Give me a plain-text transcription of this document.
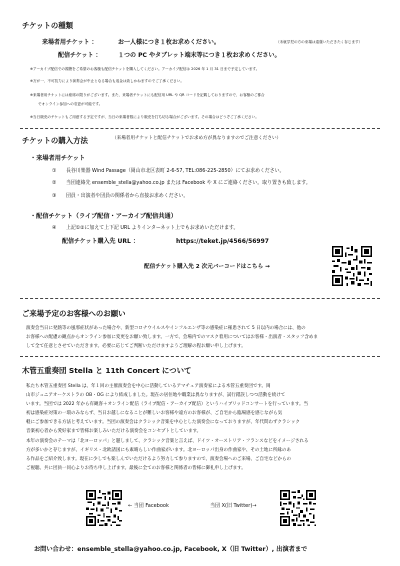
チケットの種類
来場者用チケット ：	お一人様につき１枚お求めください。	（未就学児の方の来場は遠慮いただきたく存じます）
配信チケット ：	１つの PC やタブレット端末等につき１枚お求めください。
※アーカイブ配信での視聴をご希望のお客様も配信チケットを購入してください。アーカイブ配信は 2026 年 1 月 31 日まで予定しています。
※万が一、不可抗力により演奏会が中止となる場合も返金は致しかねますのでご了承ください。
※来場者用チケットには座席の限りがございます。また、来場者チケットにも配信用 URL や QR コードを記載しておりますので、お客様のご都合
でオンライン参加への変更が可能です。
※当日販売のチケットもご用意する予定ですが、当日の来場者数により販売を打ち切る場合がございます。その場合はどうぞご了承ください。
チケットの購入方法	（来場者用チケットと配信チケットでお求め方が異なりますのでご注意ください）
・来場者用チケット
① 長谷川楽器 Wind Passage（岡山市北区表町 2-6-57, TEL:086-225-2850）にてお求めください。
② 当団連絡先 ensemble_stella@yahoo.co.jp または Facebook や X にご連絡ください。取り置きも致します。
③ 団員・出演者や団員の関係者から直接お求めください。
・配信チケット（ライブ配信・アーカイブ配信共通）
④ 上記①②に加えて上下記 URL よりインターネット上でもお求めいただけます。
配信チケット購入先 URL ：	https://teket.jp/4566/56997
配信チケット購入先 2 次元バーコードはこちら →
ご来場予定のお客様へのお願い
演奏会当日に発熱等の風邪症状があった場合や、新型コロナウイルスやインフルエンザ等の感染症に罹患されて 5 日以内の場合には、他の
お客様への配慮の観点からオンライン参加に変更をお願い致します。一方で、会場内でのマスク着用についてはお客様・出演者・スタッフ含めま
して全て任意とさせていただきます。必要に応じてご判断いただけますようご理解の程お願い申し上げます。
木管五重奏団 Stella と 11th Concert について
私たち木管五重奏団 Stella は、年１回の主催演奏会を中心に活動しているアマチュア演奏家による木管五重奏団です。岡
山市ジュニアオーケストラの OB・OG により結成しました。現在の居住地や職業は異なりますが、試行錯誤しつつ活動を続けて
います。当団では 2022 年から有観客＋オンライン配信（ライブ配信・アーカイブ配信）というハイブリッドコンサートを行っています。当
初は感染症対策の一環のみならず、当日お越しになることが難しいお客様や遠方のお客様が、ご自宅から臨場感を感じながら気
軽にご参加できる方法と考えています。当団の演奏会はクラシック音楽を中心とした演奏会になっておりますが、年代問わずクラシック
音楽初心者から愛好家まで皆様お楽しみいただける演奏会をコンセプトとしています。
本年の演奏会のテーマは「北ヨーロッパ」と題しまして、クラシック音楽と言えば、ドイツ・オーストリア・フランスなどをイメージされる
方が多いかと存じますが、イギリス・北欧諸国にも素晴らしい作曲家がいます。北ヨーロッパ出身の作曲家や、その土地に所縁のあ
る作品をご紹介致します。現在に少しでも楽しんでいただけるよう努力して参りますので、演奏会場へのご来場、ご自宅などからの
ご視聴、共に団員一同心よりお待ち申し上げます。最後に全てのお客様と関係者の皆様に御礼申し上げます。
← 当団 Facebook	当団 X(旧 Twitter)→
お問い合わせ：ensemble_stella@yahoo.co.jp, Facebook, X（旧 Twitter）, 出演者まで
